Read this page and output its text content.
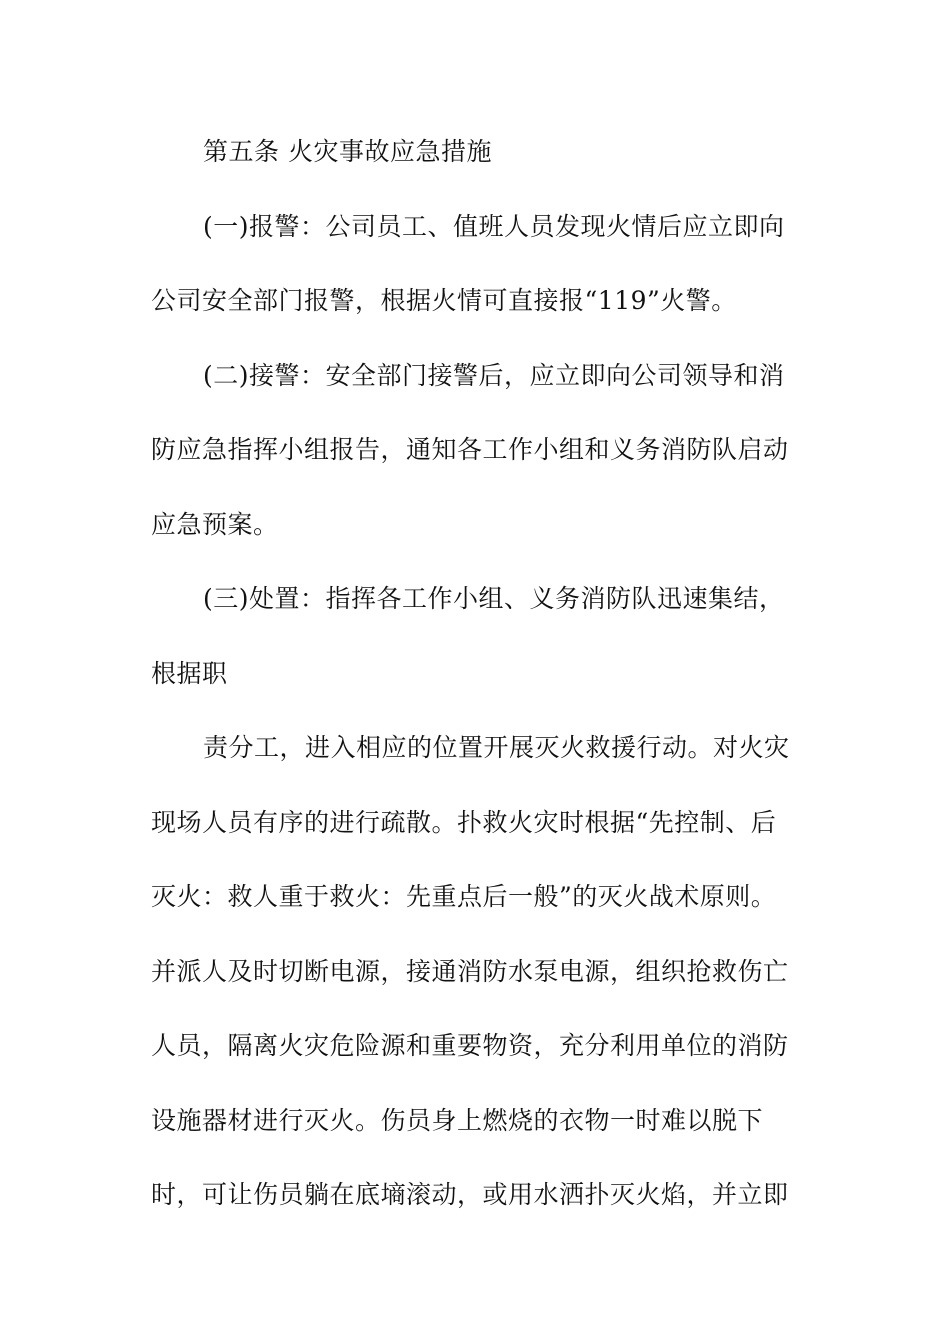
第五条 火灾事故应急措施
(一)报警：公司员工、值班人员发现火情后应立即向
公司安全部门报警，根据火情可直接报“119”火警。
(二)接警：安全部门接警后，应立即向公司领导和消
防应急指挥小组报告，通知各工作小组和义务消防队启动
应急预案。
(三)处置：指挥各工作小组、义务消防队迅速集结，
根据职
责分工，进入相应的位置开展灭火救援行动。对火灾
现场人员有序的进行疏散。扑救火灾时根据“先控制、后
灭火：救人重于救火：先重点后一般”的灭火战术原则。
并派人及时切断电源，接通消防水泵电源，组织抢救伤亡
人员，隔离火灾危险源和重要物资，充分利用单位的消防
设施器材进行灭火。伤员身上燃烧的衣物一时难以脱下
时，可让伤员躺在底墒滚动，或用水洒扑灭火焰，并立即
